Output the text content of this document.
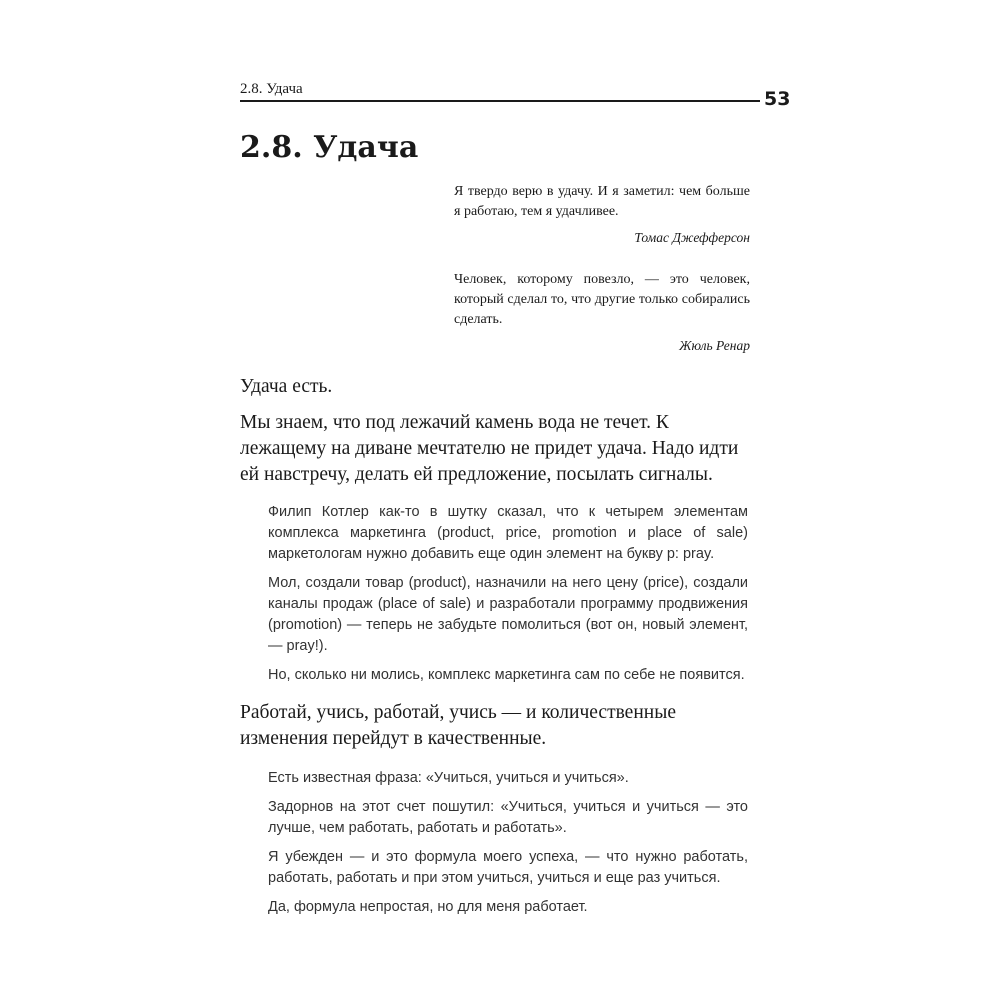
2.8. Удача	53
2.8. Удача

Я твердо верю в удачу. И я заметил: чем больше я работаю, тем я удачливее.

Томас Джефферсон

Человек, которому повезло, — это человек, который сделал то, что другие только собирались сделать.

Жюль Ренар

Удача есть.

Мы знаем, что под лежачий камень вода не течет. К лежащему на диване мечтателю не придет удача. Надо идти ей навстречу, делать ей предложение, посылать сигналы.

Филип Котлер как-то в шутку сказал, что к четырем элементам комплекса маркетинга (product, price, promotion и place of sale) маркетологам нужно добавить еще один элемент на букву p: pray.

Мол, создали товар (product), назначили на него цену (price), создали каналы продаж (place of sale) и разработали программу продвижения (promotion) — теперь не забудьте помолиться (вот он, новый элемент, — pray!).

Но, сколько ни молись, комплекс маркетинга сам по себе не появится.

Работай, учись, работай, учись — и количественные изменения перейдут в качественные.

Есть известная фраза: «Учиться, учиться и учиться».

Задорнов на этот счет пошутил: «Учиться, учиться и учиться — это лучше, чем работать, работать и работать».

Я убежден — и это формула моего успеха, — что нужно работать, работать, работать и при этом учиться, учиться и еще раз учиться.

Да, формула непростая, но для меня работает.
